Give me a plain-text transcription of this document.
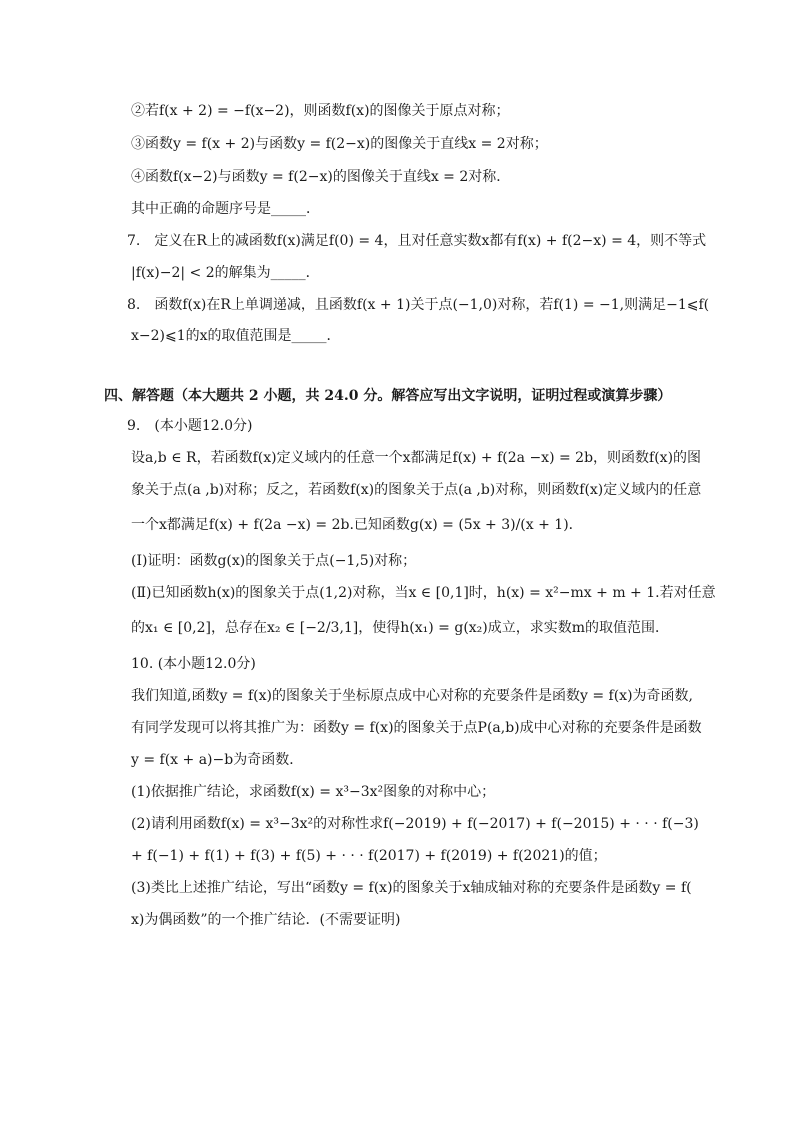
②若f(x + 2) = −f(x−2)，则函数f(x)的图像关于原点对称；
③函数y = f(x + 2)与函数y = f(2−x)的图像关于直线x = 2对称；
④函数f(x−2)与函数y = f(2−x)的图像关于直线x = 2对称．
其中正确的命题序号是_____．
7.　定义在R上的减函数f(x)满足f(0) = 4，且对任意实数x都有f(x) + f(2−x) = 4，则不等式
|f(x)−2| < 2的解集为_____．
8.　函数f(x)在R上单调递减，且函数f(x + 1)关于点(−1,0)对称，若f(1) = −1,则满足−1⩽f(
x−2)⩽1的x的取值范围是_____．
四、解答题（本大题共 2 小题，共 24.0 分。解答应写出文字说明，证明过程或演算步骤）
9.　(本小题12.0分)
设a,b ∈ R，若函数f(x)定义域内的任意一个x都满足f(x) + f(2a −x) = 2b，则函数f(x)的图
象关于点(a ,b)对称；反之，若函数f(x)的图象关于点(a ,b)对称，则函数f(x)定义域内的任意
一个x都满足f(x) + f(2a −x) = 2b.已知函数g(x) = (5x + 3)/(x + 1)．
(Ⅰ)证明：函数g(x)的图象关于点(−1,5)对称；
(Ⅱ)已知函数h(x)的图象关于点(1,2)对称，当x ∈ [0,1]时，h(x) = x²−mx + m + 1.若对任意
的x₁ ∈ [0,2]，总存在x₂ ∈ [−2/3,1]，使得h(x₁) = g(x₂)成立，求实数m的取值范围．
10. (本小题12.0分)
我们知道,函数y = f(x)的图象关于坐标原点成中心对称的充要条件是函数y = f(x)为奇函数,
有同学发现可以将其推广为：函数y = f(x)的图象关于点P(a,b)成中心对称的充要条件是函数
y = f(x + a)−b为奇函数．
(1)依据推广结论，求函数f(x) = x³−3x²图象的对称中心；
(2)请利用函数f(x) = x³−3x²的对称性求f(−2019) + f(−2017) + f(−2015) + · · · f(−3)
+ f(−1) + f(1) + f(3) + f(5) + · · · f(2017) + f(2019) + f(2021)的值；
(3)类比上述推广结论，写出“函数y = f(x)的图象关于x轴成轴对称的充要条件是函数y = f(
x)为偶函数”的一个推广结论．(不需要证明)
